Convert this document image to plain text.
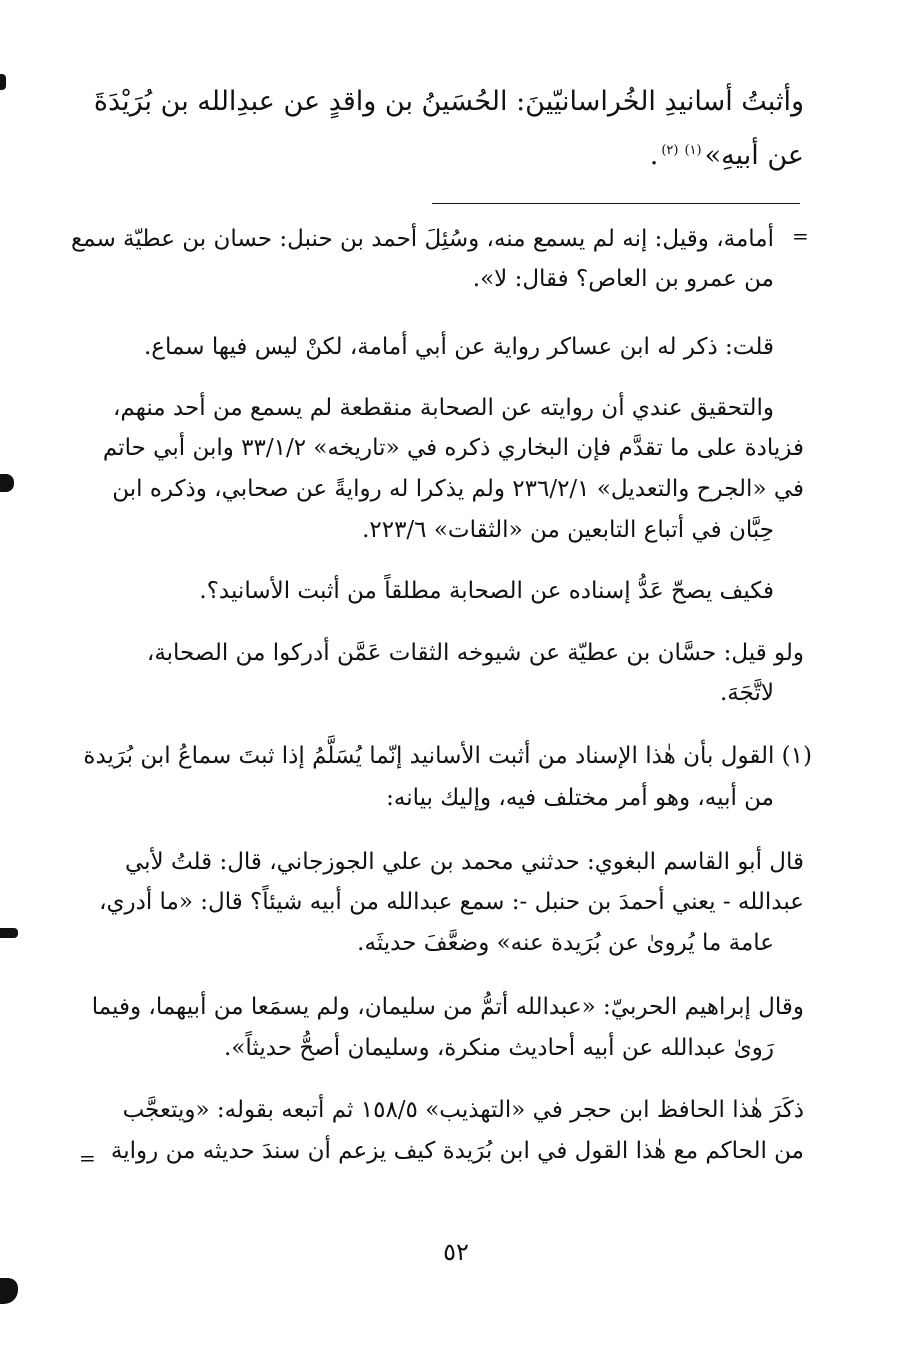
وأثبتُ أسانيدِ الخُراسانيّينَ: الحُسَينُ بن واقدٍ عن عبدِالله بن بُرَيْدَةَ
عن أبيهِ»$^{(١)(٢)}$.
=
=
أمامة، وقيل: إنه لم يسمع منه، وسُئِلَ أحمد بن حنبل: حسان بن عطيّة سمع
من عمرو بن العاص؟ فقال: لا».
قلت: ذكر له ابن عساكر رواية عن أبي أمامة، لكنْ ليس فيها سماع.
والتحقيق عندي أن روايته عن الصحابة منقطعة لم يسمع من أحد منهم،
فزيادة على ما تقدَّم فإن البخاري ذكره في «تاريخه» ٣٣/١/٢ وابن أبي حاتم
في «الجرح والتعديل» ٢٣٦/٢/١ ولم يذكرا له روايةً عن صحابي، وذكره ابن
حِبَّان في أتباع التابعين من «الثقات» ٢٢٣/٦.
فكيف يصحّ عَدُّ إسناده عن الصحابة مطلقاً من أثبت الأسانيد؟.
ولو قيل: حسَّان بن عطيّة عن شيوخه الثقات عَمَّن أدركوا من الصحابة،
لاتَّجَهَ.
(١) القول بأن هٰذا الإسناد من أثبت الأسانيد إنّما يُسَلَّمُ إذا ثبتَ سماعُ ابن بُرَيدة
من أبيه، وهو أمر مختلف فيه، وإليك بيانه:
قال أبو القاسم البغوي: حدثني محمد بن علي الجوزجاني، قال: قلتُ لأبي
عبدالله - يعني أحمدَ بن حنبل -: سمع عبدالله من أبيه شيئاً؟ قال: «ما أدري،
عامة ما يُروىٰ عن بُرَيدة عنه» وضعَّفَ حديثَه.
وقال إبراهيم الحربيّ: «عبدالله أتمُّ من سليمان، ولم يسمَعا من أبيهما، وفيما
رَوىٰ عبدالله عن أبيه أحاديث منكرة، وسليمان أصحُّ حديثاً».
ذكَرَ هٰذا الحافظ ابن حجر في «التهذيب» ١٥٨/٥ ثم أتبعه بقوله: «ويتعجَّب
من الحاكم مع هٰذا القول في ابن بُرَيدة كيف يزعم أن سندَ حديثه من رواية
٥٢
